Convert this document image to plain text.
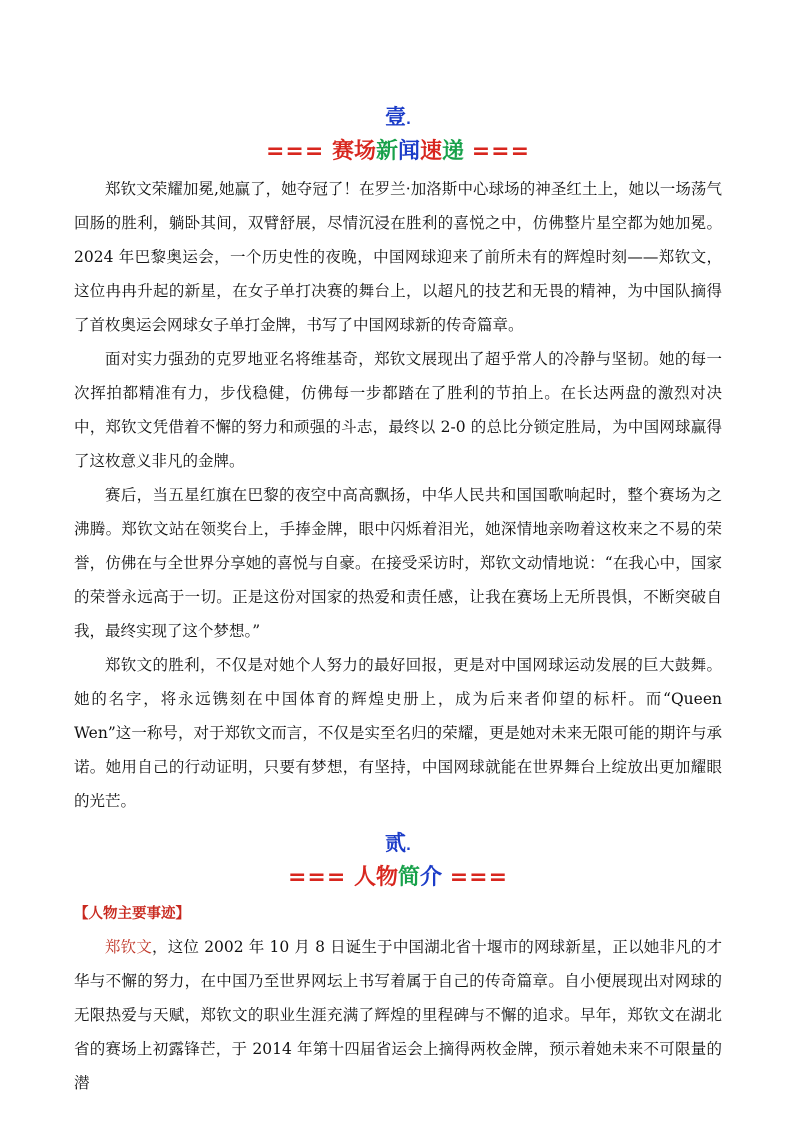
壹.
=== 赛场新闻速递 ===

郑钦文荣耀加冕,她赢了，她夺冠了！在罗兰·加洛斯中心球场的神圣红土上，她以一场荡气回肠的胜利，躺卧其间，双臂舒展，尽情沉浸在胜利的喜悦之中，仿佛整片星空都为她加冕。2024 年巴黎奥运会，一个历史性的夜晚，中国网球迎来了前所未有的辉煌时刻——郑钦文，这位冉冉升起的新星，在女子单打决赛的舞台上，以超凡的技艺和无畏的精神，为中国队摘得了首枚奥运会网球女子单打金牌，书写了中国网球新的传奇篇章。

面对实力强劲的克罗地亚名将维基奇，郑钦文展现出了超乎常人的冷静与坚韧。她的每一次挥拍都精准有力，步伐稳健，仿佛每一步都踏在了胜利的节拍上。在长达两盘的激烈对决中，郑钦文凭借着不懈的努力和顽强的斗志，最终以 2-0 的总比分锁定胜局，为中国网球赢得了这枚意义非凡的金牌。

赛后，当五星红旗在巴黎的夜空中高高飘扬，中华人民共和国国歌响起时，整个赛场为之沸腾。郑钦文站在领奖台上，手捧金牌，眼中闪烁着泪光，她深情地亲吻着这枚来之不易的荣誉，仿佛在与全世界分享她的喜悦与自豪。在接受采访时，郑钦文动情地说：“在我心中，国家的荣誉永远高于一切。正是这份对国家的热爱和责任感，让我在赛场上无所畏惧，不断突破自我，最终实现了这个梦想。”

郑钦文的胜利，不仅是对她个人努力的最好回报，更是对中国网球运动发展的巨大鼓舞。她的名字，将永远镌刻在中国体育的辉煌史册上，成为后来者仰望的标杆。而“Queen Wen”这一称号，对于郑钦文而言，不仅是实至名归的荣耀，更是她对未来无限可能的期许与承诺。她用自己的行动证明，只要有梦想，有坚持，中国网球就能在世界舞台上绽放出更加耀眼的光芒。

贰.
=== 人物简介 ===
【人物主要事迹】

郑钦文，这位 2002 年 10 月 8 日诞生于中国湖北省十堰市的网球新星，正以她非凡的才华与不懈的努力，在中国乃至世界网坛上书写着属于自己的传奇篇章。自小便展现出对网球的无限热爱与天赋，郑钦文的职业生涯充满了辉煌的里程碑与不懈的追求。早年，郑钦文在湖北省的赛场上初露锋芒，于 2014 年第十四届省运会上摘得两枚金牌，预示着她未来不可限量的潜
